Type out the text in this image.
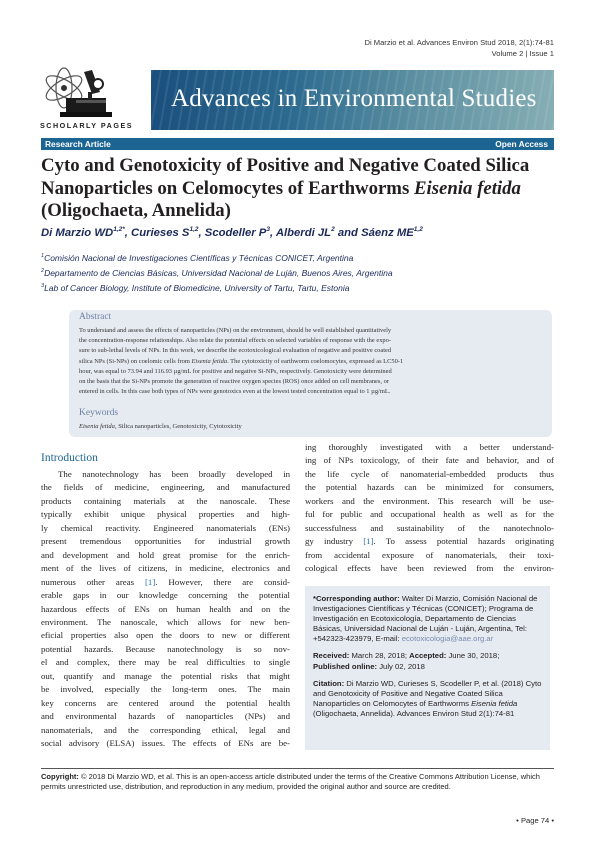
Di Marzio et al. Advances Environ Stud 2018, 2(1):74-81
Volume 2 | Issue 1
SCHOLARLY PAGES
Advances in Environmental Studies
Research Article	Open Access
Cyto and Genotoxicity of Positive and Negative Coated Silica Nanoparticles on Celomocytes of Earthworms Eisenia fetida (Oligochaeta, Annelida)
Di Marzio $WD^{1,2*}$, Curieses S$^{1,2}$, Scodeller $P^3$, Alberdi $JL^2$ and Sáenz ME$^{1,2}$
$^1$Comisión Nacional de Investigaciones Científicas y Técnicas CONICET, Argentina
$^2$Departamento de Ciencias Básicas, Universidad Nacional de Luján, Buenos Aires, Argentina
$^3$Lab of Cancer Biology, Institute of Biomedicine, University of Tartu, Tartu, Estonia
Abstract
To understand and assess the effects of nanoparticles (NPs) on the environment, should be well established quantitatively
the concentration-response relationships. Also relate the potential effects on selected variables of response with the expo-
sure to sub-lethal levels of NPs. In this work, we describe the ecotoxicological evaluation of negative and positive coated
silica NPs (Si-NPs) on coelomic cells from Eisenia fetida. The cytotoxicity of earthworm coelomocytes, expressed as LC50-1
hour, was equal to 73.94 and 116.93 µg/mL for positive and negative Si-NPs, respectively. Genotoxicity were determined
on the basis that the Si-NPs promote the generation of reactive oxygen species (ROS) once added on cell membranes, or
entered in cells. In this case both types of NPs were genotoxics even at the lowest tested concentration equal to 1 µg/mL.
Keywords
Eisenia fetida, Silica nanoparticles, Genotoxicity, Cytotoxicity
Introduction
The nanotechnology has been broadly developed in
the fields of medicine, engineering, and manufactured
products containing materials at the nanoscale. These
typically exhibit unique physical properties and high-
ly chemical reactivity. Engineered nanomaterials (ENs)
present tremendous opportunities for industrial growth
and development and hold great promise for the enrich-
ment of the lives of citizens, in medicine, electronics and
numerous other areas [1]. However, there are consid-
erable gaps in our knowledge concerning the potential
hazardous effects of ENs on human health and on the
environment. The nanoscale, which allows for new ben-
eficial properties also open the doors to new or different
potential hazards. Because nanotechnology is so nov-
el and complex, there may be real difficulties to single
out, quantify and manage the potential risks that might
be involved, especially the long-term ones. The main
key concerns are centered around the potential health
and environmental hazards of nanoparticles (NPs) and
nanomaterials, and the corresponding ethical, legal and
social advisory (ELSA) issues. The effects of ENs are be-
ing thoroughly investigated with a better understand-
ing of NPs toxicology, of their fate and behavior, and of
the life cycle of nanomaterial-embedded products thus
the potential hazards can be minimized for consumers,
workers and the environment. This research will be use-
ful for public and occupational health as well as for the
successfulness and sustainability of the nanotechnolo-
gy industry [1]. To assess potential hazards originating
from accidental exposure of nanomaterials, their toxi-
cological effects have been reviewed from the environ-

*Corresponding author: Walter Di Marzio, Comisión Nacional de Investigaciones Científicas y Técnicas (CONICET); Programa de Investigación en Ecotoxicología, Departamento de Ciencias Básicas, Universidad Nacional de Luján - Luján, Argentina, Tel: +542323-423979, E-mail: ecotoxicologia@aae.org.ar

Received: March 28, 2018; Accepted: June 30, 2018;
Published online: July 02, 2018

Citation: Di Marzio WD, Curieses S, Scodeller P, et al. (2018) Cyto and Genotoxicity of Positive and Negative Coated Silica Nanoparticles on Celomocytes of Earthworms Eisenia fetida (Oligochaeta, Annelida). Advances Environ Stud 2(1):74-81

Copyright: © 2018 Di Marzio WD, et al. This is an open-access article distributed under the terms of the Creative Commons Attribution License, which permits unrestricted use, distribution, and reproduction in any medium, provided the original author and source are credited.
• Page 74 •
